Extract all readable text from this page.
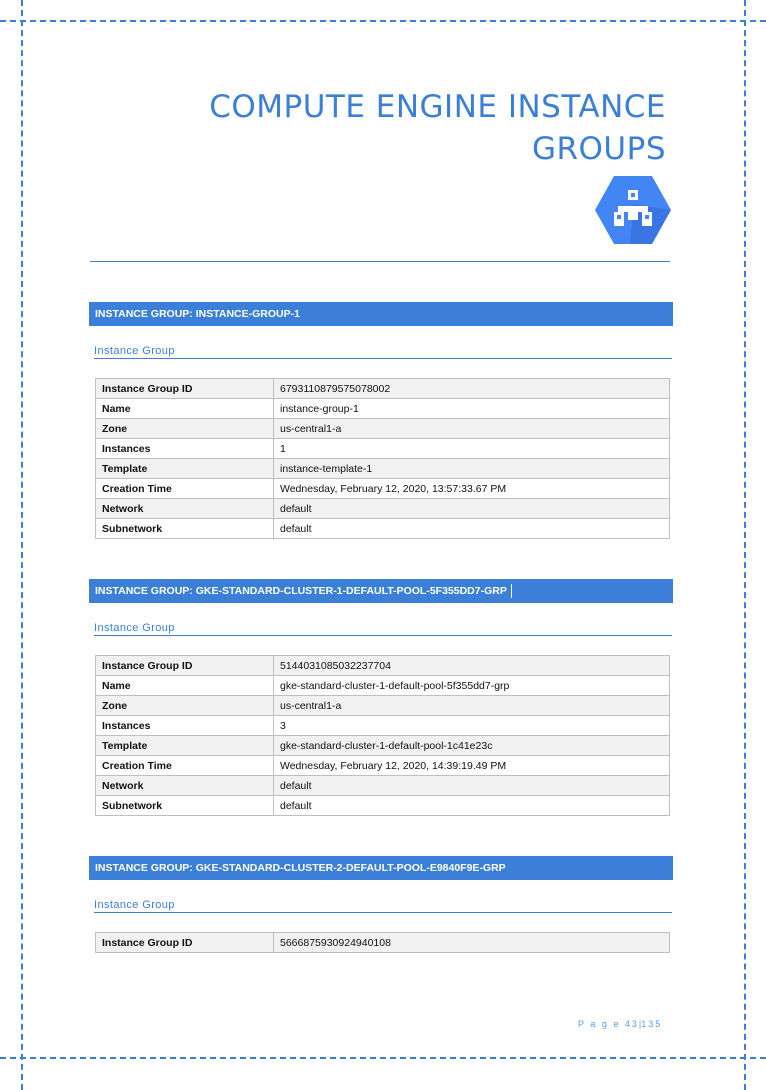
COMPUTE ENGINE INSTANCE
GROUPS
INSTANCE GROUP: INSTANCE-GROUP-1
Instance Group
Instance Group ID	6793110879575078002
Name	instance-group-1
Zone	us-central1-a
Instances	1
Template	instance-template-1
Creation Time	Wednesday, February 12, 2020, 13:57:33.67 PM
Network	default
Subnetwork	default
INSTANCE GROUP: GKE-STANDARD-CLUSTER-1-DEFAULT-POOL-5F355DD7-GRP
Instance Group
Instance Group ID	5144031085032237704
Name	gke-standard-cluster-1-default-pool-5f355dd7-grp
Zone	us-central1-a
Instances	3
Template	gke-standard-cluster-1-default-pool-1c41e23c
Creation Time	Wednesday, February 12, 2020, 14:39:19.49 PM
Network	default
Subnetwork	default
INSTANCE GROUP: GKE-STANDARD-CLUSTER-2-DEFAULT-POOL-E9840F9E-GRP
Instance Group
Instance Group ID	5666875930924940108
P a g e 43|135
